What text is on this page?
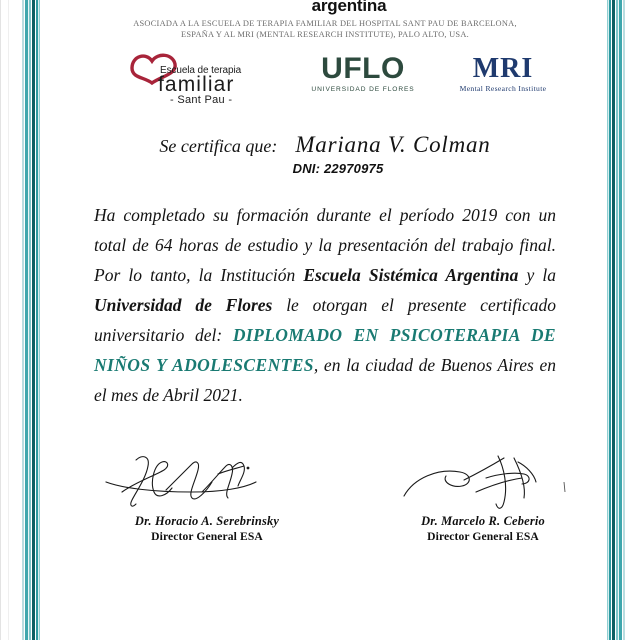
argentina
ASOCIADA A LA ESCUELA DE TERAPIA FAMILIAR DEL HOSPITAL SANT PAU DE BARCELONA,
ESPAÑA Y AL MRI (MENTAL RESEARCH INSTITUTE), PALO ALTO, USA.
Escuela de terapia
familiar
- Sant Pau -
UFLO
UNIVERSIDAD DE FLORES
MRI
Mental Research Institute
Se certifica que: Mariana V. Colman
DNI: 22970975

Ha completado su formación durante el período 2019 con un total de 64 horas de estudio y la presentación del trabajo final. Por lo tanto, la Institución Escuela Sistémica Argentina y la Universidad de Flores le otorgan el presente certificado universitario del: DIPLOMADO EN PSICOTERAPIA DE NIÑOS Y ADOLESCENTES, en la ciudad de Buenos Aires en el mes de Abril 2021.

Dr. Horacio A. Serebrinsky
Director General ESA
Dr. Marcelo R. Ceberio
Director General ESA
